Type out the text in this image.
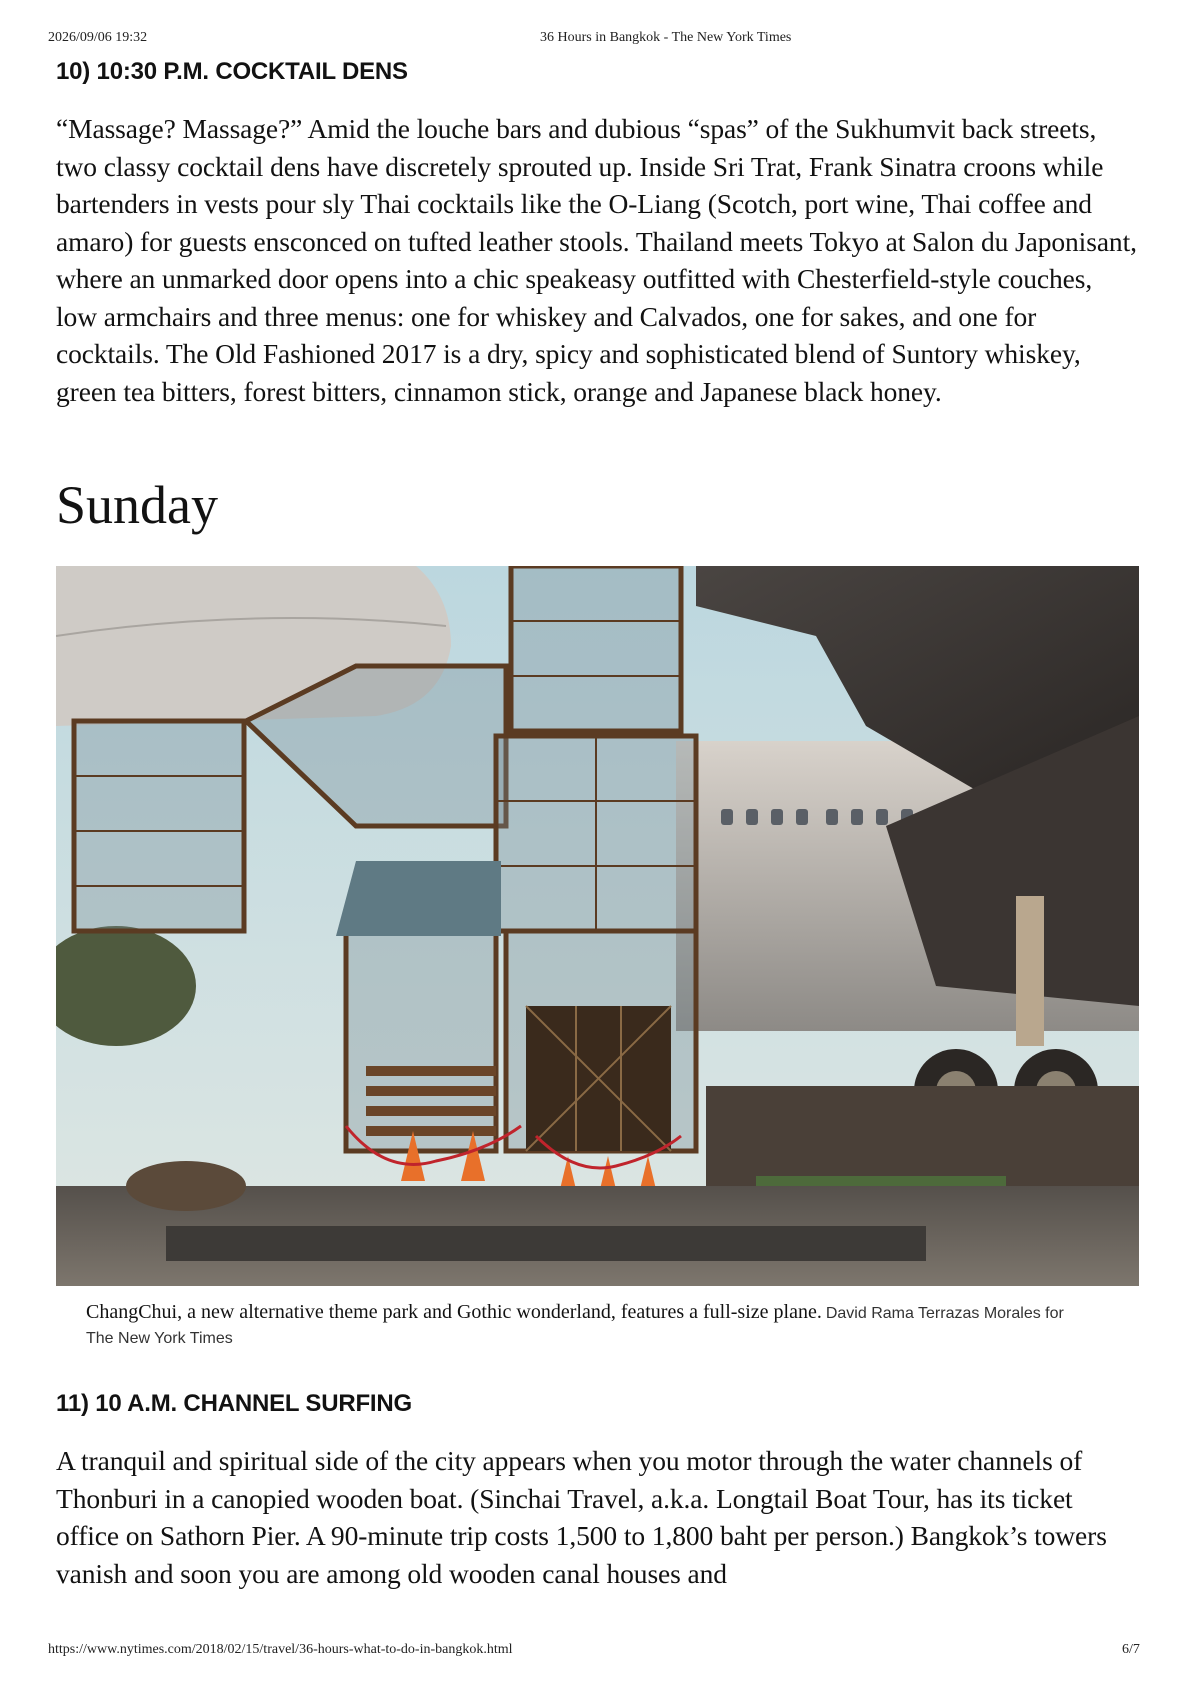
2026/09/06 19:32	36 Hours in Bangkok - The New York Times
10) 10:30 P.M. COCKTAIL DENS

“Massage? Massage?” Amid the louche bars and dubious “spas” of the Sukhumvit back streets, two classy cocktail dens have discretely sprouted up. Inside Sri Trat, Frank Sinatra croons while bartenders in vests pour sly Thai cocktails like the O-Liang (Scotch, port wine, Thai coffee and amaro) for guests ensconced on tufted leather stools. Thailand meets Tokyo at Salon du Japonisant, where an unmarked door opens into a chic speakeasy outfitted with Chesterfield-style couches, low armchairs and three menus: one for whiskey and Calvados, one for sakes, and one for cocktails. The Old Fashioned 2017 is a dry, spicy and sophisticated blend of Suntory whiskey, green tea bitters, forest bitters, cinnamon stick, orange and Japanese black honey.

Sunday
ChangChui, a new alternative theme park and Gothic wonderland, features a full-size plane. David Rama Terrazas Morales for The New York Times
11) 10 A.M. CHANNEL SURFING

A tranquil and spiritual side of the city appears when you motor through the water channels of Thonburi in a canopied wooden boat. (Sinchai Travel, a.k.a. Longtail Boat Tour, has its ticket office on Sathorn Pier. A 90-minute trip costs 1,500 to 1,800 baht per person.) Bangkok’s towers vanish and soon you are among old wooden canal houses and

https://www.nytimes.com/2018/02/15/travel/36-hours-what-to-do-in-bangkok.html	6/7
